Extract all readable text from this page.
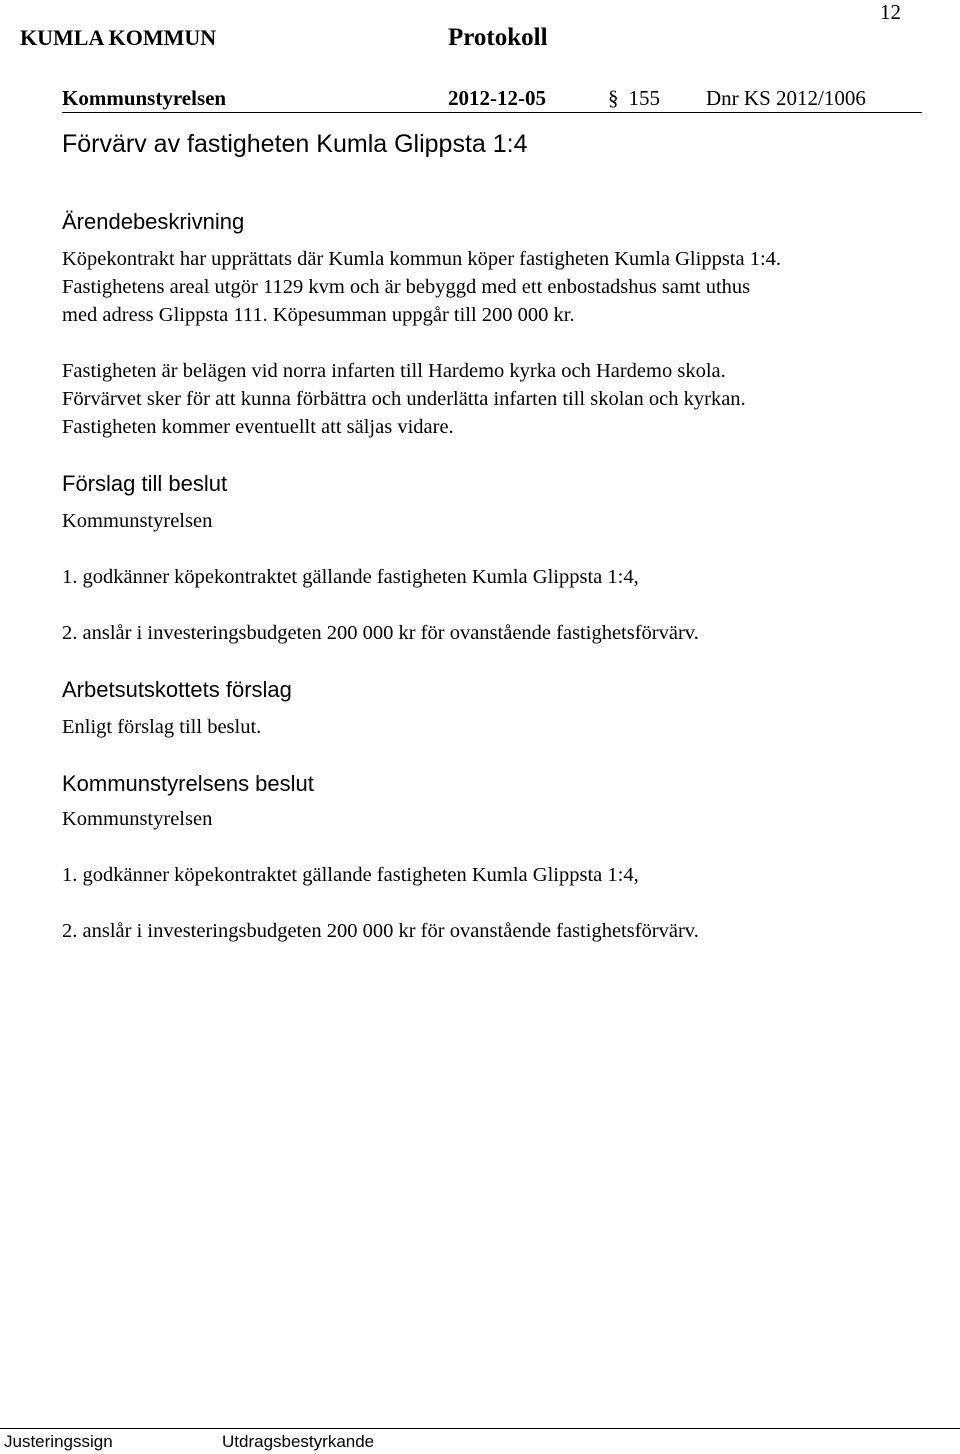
12
KUMLA KOMMUN	Protokoll
Kommunstyrelsen	2012-12-05	§ 155 Dnr KS 2012/1006
Förvärv av fastigheten Kumla Glippsta 1:4
Ärendebeskrivning
Köpekontrakt har upprättats där Kumla kommun köper fastigheten Kumla Glippsta 1:4.
Fastighetens areal utgör 1129 kvm och är bebyggd med ett enbostadshus samt uthus
med adress Glippsta 111. Köpesumman uppgår till 200 000 kr.
Fastigheten är belägen vid norra infarten till Hardemo kyrka och Hardemo skola.
Förvärvet sker för att kunna förbättra och underlätta infarten till skolan och kyrkan.
Fastigheten kommer eventuellt att säljas vidare.
Förslag till beslut
Kommunstyrelsen
1. godkänner köpekontraktet gällande fastigheten Kumla Glippsta 1:4,
2. anslår i investeringsbudgeten 200 000 kr för ovanstående fastighetsförvärv.
Arbetsutskottets förslag
Enligt förslag till beslut.
Kommunstyrelsens beslut
Kommunstyrelsen
1. godkänner köpekontraktet gällande fastigheten Kumla Glippsta 1:4,
2. anslår i investeringsbudgeten 200 000 kr för ovanstående fastighetsförvärv.
Justeringssign	Utdragsbestyrkande
